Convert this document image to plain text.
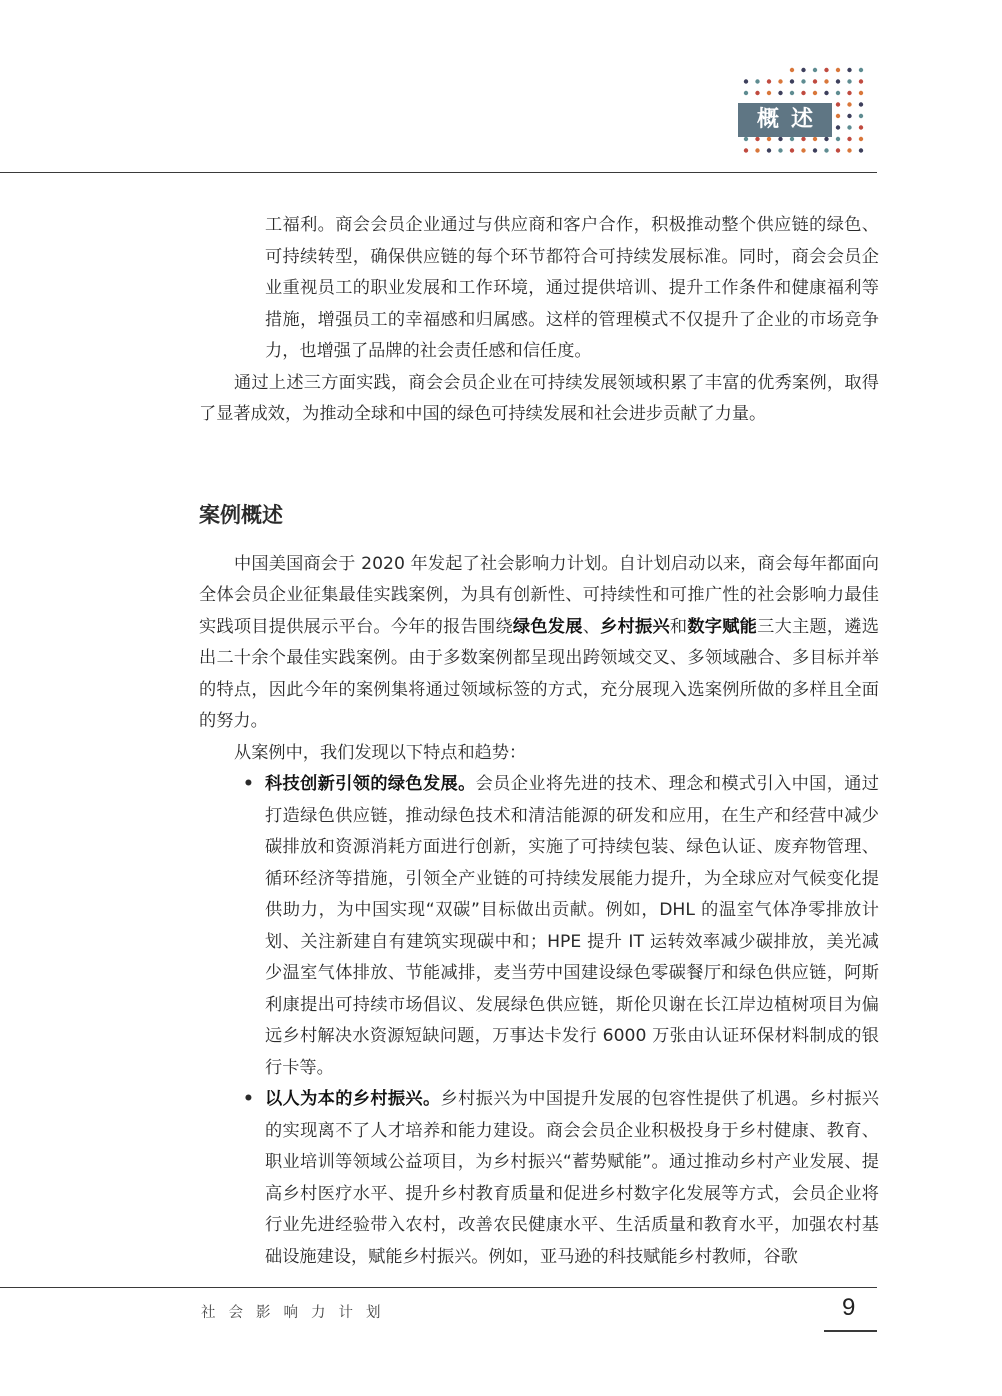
概述

工福利。商会会员企业通过与供应商和客户合作，积极推动整个供应链的绿色、可持续转型，确保供应链的每个环节都符合可持续发展标准。同时，商会会员企业重视员工的职业发展和工作环境，通过提供培训、提升工作条件和健康福利等措施，增强员工的幸福感和归属感。这样的管理模式不仅提升了企业的市场竞争力，也增强了品牌的社会责任感和信任度。

通过上述三方面实践，商会会员企业在可持续发展领域积累了丰富的优秀案例，取得了显著成效，为推动全球和中国的绿色可持续发展和社会进步贡献了力量。

案例概述

中国美国商会于 2020 年发起了社会影响力计划。自计划启动以来，商会每年都面向全体会员企业征集最佳实践案例，为具有创新性、可持续性和可推广性的社会影响力最佳实践项目提供展示平台。今年的报告围绕绿色发展、乡村振兴和数字赋能三大主题，遴选出二十余个最佳实践案例。由于多数案例都呈现出跨领域交叉、多领域融合、多目标并举的特点，因此今年的案例集将通过领域标签的方式，充分展现入选案例所做的多样且全面的努力。

从案例中，我们发现以下特点和趋势：

• 科技创新引领的绿色发展。会员企业将先进的技术、理念和模式引入中国，通过打造绿色供应链，推动绿色技术和清洁能源的研发和应用，在生产和经营中减少碳排放和资源消耗方面进行创新，实施了可持续包装、绿色认证、废弃物管理、循环经济等措施，引领全产业链的可持续发展能力提升，为全球应对气候变化提供助力，为中国实现“双碳”目标做出贡献。例如，DHL 的温室气体净零排放计划、关注新建自有建筑实现碳中和；HPE 提升 IT 运转效率减少碳排放，美光减少温室气体排放、节能减排，麦当劳中国建设绿色零碳餐厅和绿色供应链，阿斯利康提出可持续市场倡议、发展绿色供应链，斯伦贝谢在长江岸边植树项目为偏远乡村解决水资源短缺问题，万事达卡发行 6000 万张由认证环保材料制成的银行卡等。

• 以人为本的乡村振兴。乡村振兴为中国提升发展的包容性提供了机遇。乡村振兴的实现离不了人才培养和能力建设。商会会员企业积极投身于乡村健康、教育、职业培训等领域公益项目，为乡村振兴“蓄势赋能”。通过推动乡村产业发展、提高乡村医疗水平、提升乡村教育质量和促进乡村数字化发展等方式，会员企业将行业先进经验带入农村，改善农民健康水平、生活质量和教育水平，加强农村基础设施建设，赋能乡村振兴。例如，亚马逊的科技赋能乡村教师，谷歌

社会影响力计划	9
